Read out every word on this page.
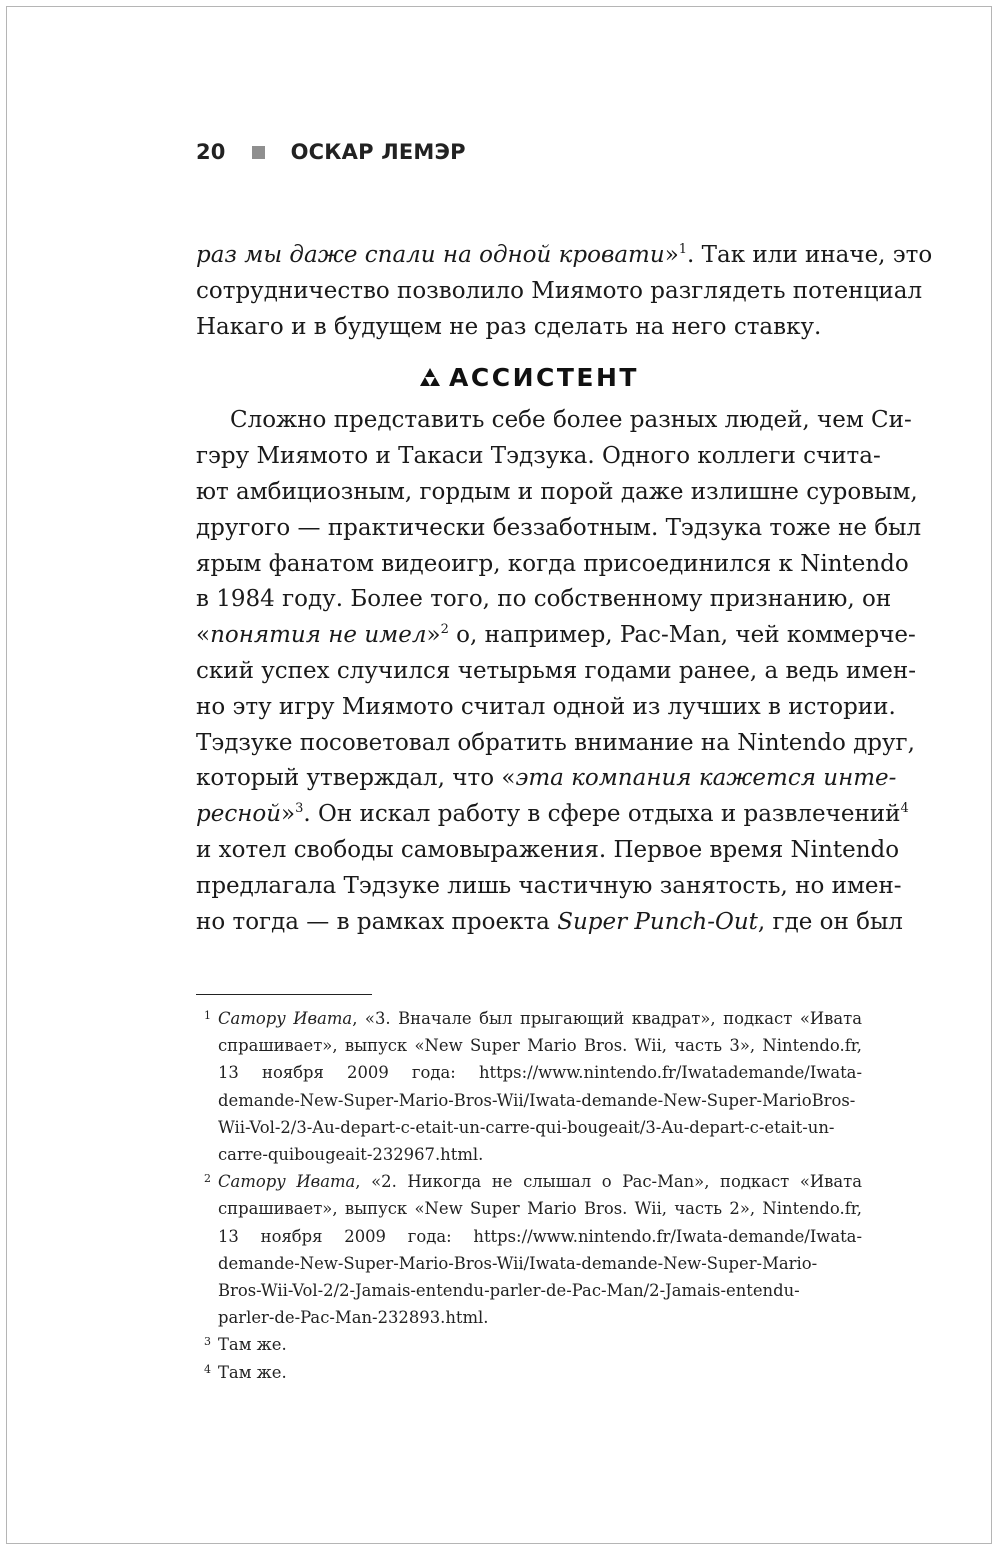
20	ОСКАР ЛЕМЭР
раз мы даже спали на одной кровати»$^1$. Так или иначе, это
сотрудничество позволило Миямото разглядеть потенциал
Накаго и в будущем не раз сделать на него ставку.
АССИСТЕНТ
Сложно представить себе более разных людей, чем Си-
гэру Миямото и Такаси Тэдзука. Одного коллеги счита-
ют амбициозным, гордым и порой даже излишне суровым,
другого — практически беззаботным. Тэдзука тоже не был
ярым фанатом видеоигр, когда присоединился к Nintendo
в 1984 году. Более того, по собственному признанию, он
«понятия не имел»$^2$ о, например, Pac-Man, чей коммерче-
ский успех случился четырьмя годами ранее, а ведь имен-
но эту игру Миямото считал одной из лучших в истории.
Тэдзуке посоветовал обратить внимание на Nintendo друг,
который утверждал, что «эта компания кажется инте-
ресной»$^3$. Он искал работу в сфере отдыха и развлечений$^4$
и хотел свободы самовыражения. Первое время Nintendo
предлагала Тэдзуке лишь частичную занятость, но имен-
но тогда — в рамках проекта Super Punch-Out, где он был
1 Сатору Ивата, «3. Вначале был прыгающий квадрат», подкаст «Ивата
спрашивает», выпуск «New Super Mario Bros. Wii, часть 3», Nintendo.fr,
13 ноября 2009 года: https://www.nintendo.fr/Iwatademande/Iwata-
demande-New-Super-Mario-Bros-Wii/Iwata-demande-New-Super-MarioBros-
Wii-Vol-2/3-Au-depart-c-etait-un-carre-qui-bougeait/3-Au-depart-c-etait-un-
carre-quibougeait-232967.html.
2 Сатору Ивата, «2. Никогда не слышал о Pac-Man», подкаст «Ивата
спрашивает», выпуск «New Super Mario Bros. Wii, часть 2», Nintendo.fr,
13 ноября 2009 года: https://www.nintendo.fr/Iwata-demande/Iwata-
demande-New-Super-Mario-Bros-Wii/Iwata-demande-New-Super-Mario-
Bros-Wii-Vol-2/2-Jamais-entendu-parler-de-Pac-Man/2-Jamais-entendu-
parler-de-Pac-Man-232893.html.
3 Там же.
4 Там же.
